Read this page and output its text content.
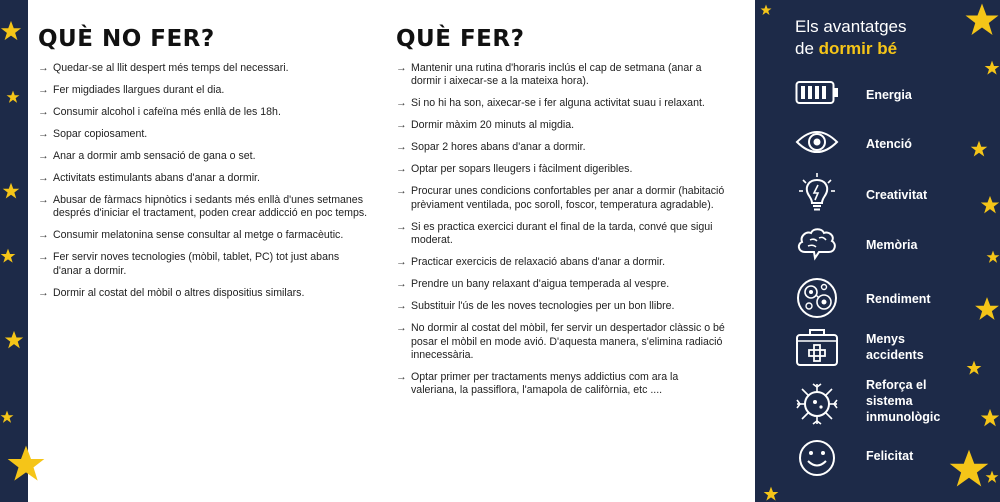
QUÈ NO FER?
→ Quedar-se al llit despert més temps del necessari.
→ Fer migdiades llargues durant el dia.
→ Consumir alcohol i cafeïna més enllà de les 18h.
→ Sopar copiosament.
→ Anar a dormir amb sensació de gana o set.
→ Activitats estimulants abans d'anar a dormir.
→ Abusar de fàrmacs hipnòtics i sedants més enllà d'unes setmanes després d'iniciar el tractament, poden crear addicció en poc temps.
→ Consumir melatonina sense consultar al metge o farmacèutic.
→ Fer servir noves tecnologies (mòbil, tablet, PC) tot just abans d'anar a dormir.
→ Dormir al costat del mòbil o altres dispositius similars.
QUÈ FER?
→ Mantenir una rutina d'horaris inclús el cap de setmana (anar a dormir i aixecar-se a la mateixa hora).
→ Si no hi ha son, aixecar-se i fer alguna activitat suau i relaxant.
→ Dormir màxim 20 minuts al migdia.
→ Sopar 2 hores abans d'anar a dormir.
→ Optar per sopars lleugers i fàcilment digeribles.
→ Procurar unes condicions confortables per anar a dormir (habitació prèviament ventilada, poc soroll, foscor, temperatura agradable).
→ Si es practica exercici durant el final de la tarda, convé que sigui moderat.
→ Practicar exercicis de relaxació abans d'anar a dormir.
→ Prendre un bany relaxant d'aigua temperada al vespre.
→ Substituir l'ús de les noves tecnologies per un bon llibre.
→ No dormir al costat del mòbil, fer servir un despertador clàssic o bé posar el mòbil en mode avió. D'aquesta manera, s'elimina radiació innecessària.
→ Optar primer per tractaments menys addictius com ara la valeriana, la passiflora, l'amapola de califòrnia, etc ....
Els avantatges
de dormir bé
Energia
Atenció
Creativitat
Memòria
Rendiment
Menys accidents
Reforça el sistema inmunològic
Felicitat
